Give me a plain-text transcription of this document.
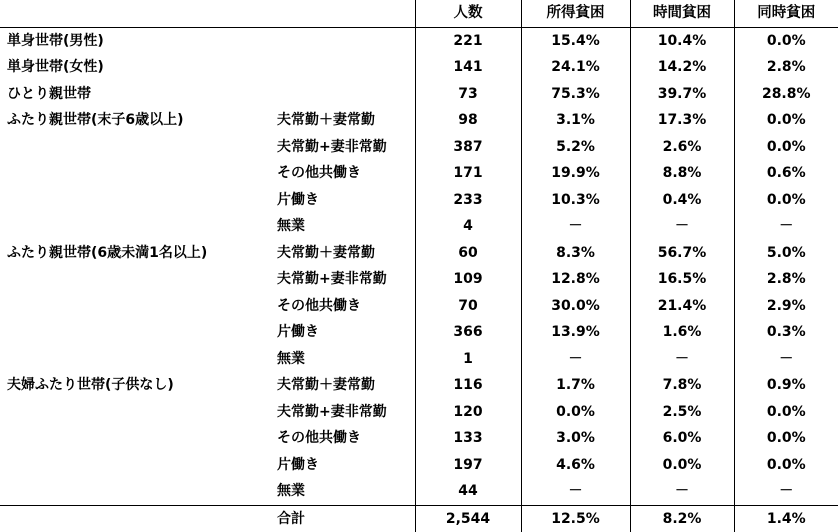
		人数	所得貧困	時間貧困	同時貧困
単身世帯(男性)		221	15.4%	10.4%	0.0%
単身世帯(女性)		141	24.1%	14.2%	2.8%
ひとり親世帯		73	75.3%	39.7%	28.8%
ふたり親世帯(末子6歳以上)	夫常勤＋妻常勤	98	3.1%	17.3%	0.0%
	夫常勤+妻非常勤	387	5.2%	2.6%	0.0%
	その他共働き	171	19.9%	8.8%	0.6%
	片働き	233	10.3%	0.4%	0.0%
	無業	4	－	－	－
ふたり親世帯(6歳未満1名以上)	夫常勤＋妻常勤	60	8.3%	56.7%	5.0%
	夫常勤+妻非常勤	109	12.8%	16.5%	2.8%
	その他共働き	70	30.0%	21.4%	2.9%
	片働き	366	13.9%	1.6%	0.3%
	無業	1	－	－	－
夫婦ふたり世帯(子供なし)	夫常勤＋妻常勤	116	1.7%	7.8%	0.9%
	夫常勤+妻非常勤	120	0.0%	2.5%	0.0%
	その他共働き	133	3.0%	6.0%	0.0%
	片働き	197	4.6%	0.0%	0.0%
	無業	44	－	－	－
	合計	2,544	12.5%	8.2%	1.4%
